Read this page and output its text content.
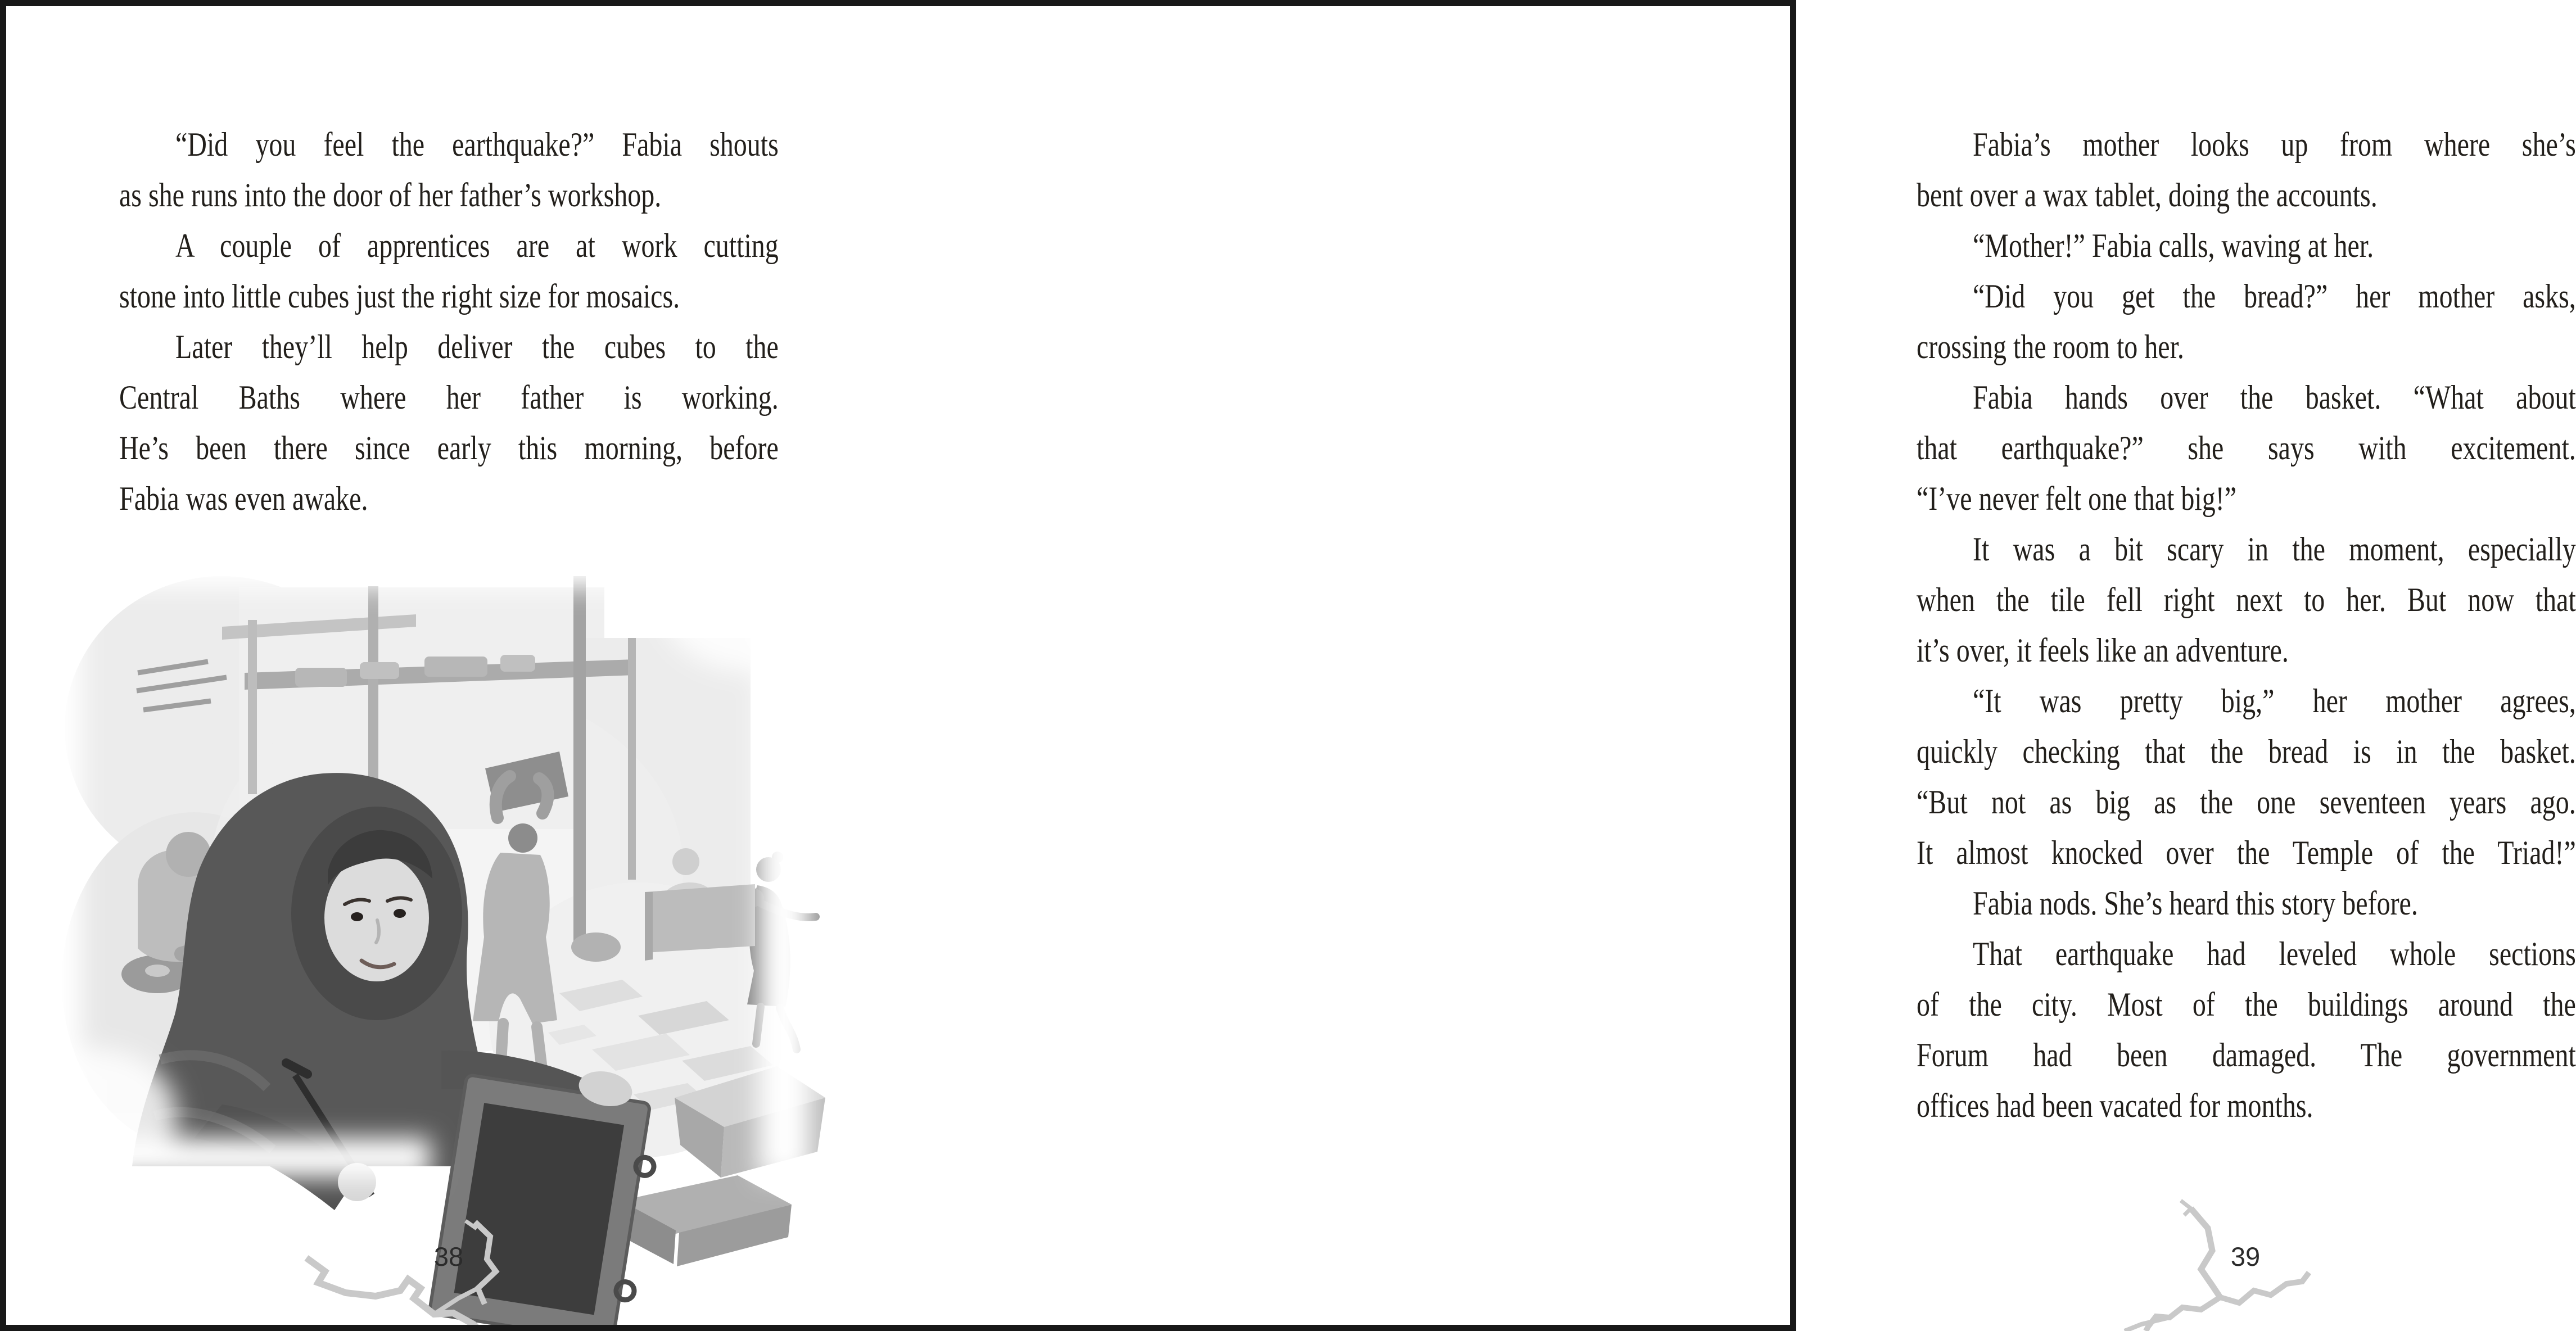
“Did you feel the earthquake?” Fabia shouts
as she runs into the door of her father’s workshop.
A couple of apprentices are at work cutting
stone into little cubes just the right size for mosaics.
Later they’ll help deliver the cubes to the
Central Baths where her father is working.
He’s been there since early this morning, before
Fabia was even awake.
38
Fabia’s mother looks up from where she’s
bent over a wax tablet, doing the accounts.
“Mother!” Fabia calls, waving at her.
“Did you get the bread?” her mother asks,
crossing the room to her.
Fabia hands over the basket. “What about
that earthquake?” she says with excitement.
“I’ve never felt one that big!”
It was a bit scary in the moment, especially
when the tile fell right next to her. But now that
it’s over, it feels like an adventure.
“It was pretty big,” her mother agrees,
quickly checking that the bread is in the basket.
“But not as big as the one seventeen years ago.
It almost knocked over the Temple of the Triad!”
Fabia nods. She’s heard this story before.
That earthquake had leveled whole sections
of the city. Most of the buildings around the
Forum had been damaged. The government
offices had been vacated for months.
39
